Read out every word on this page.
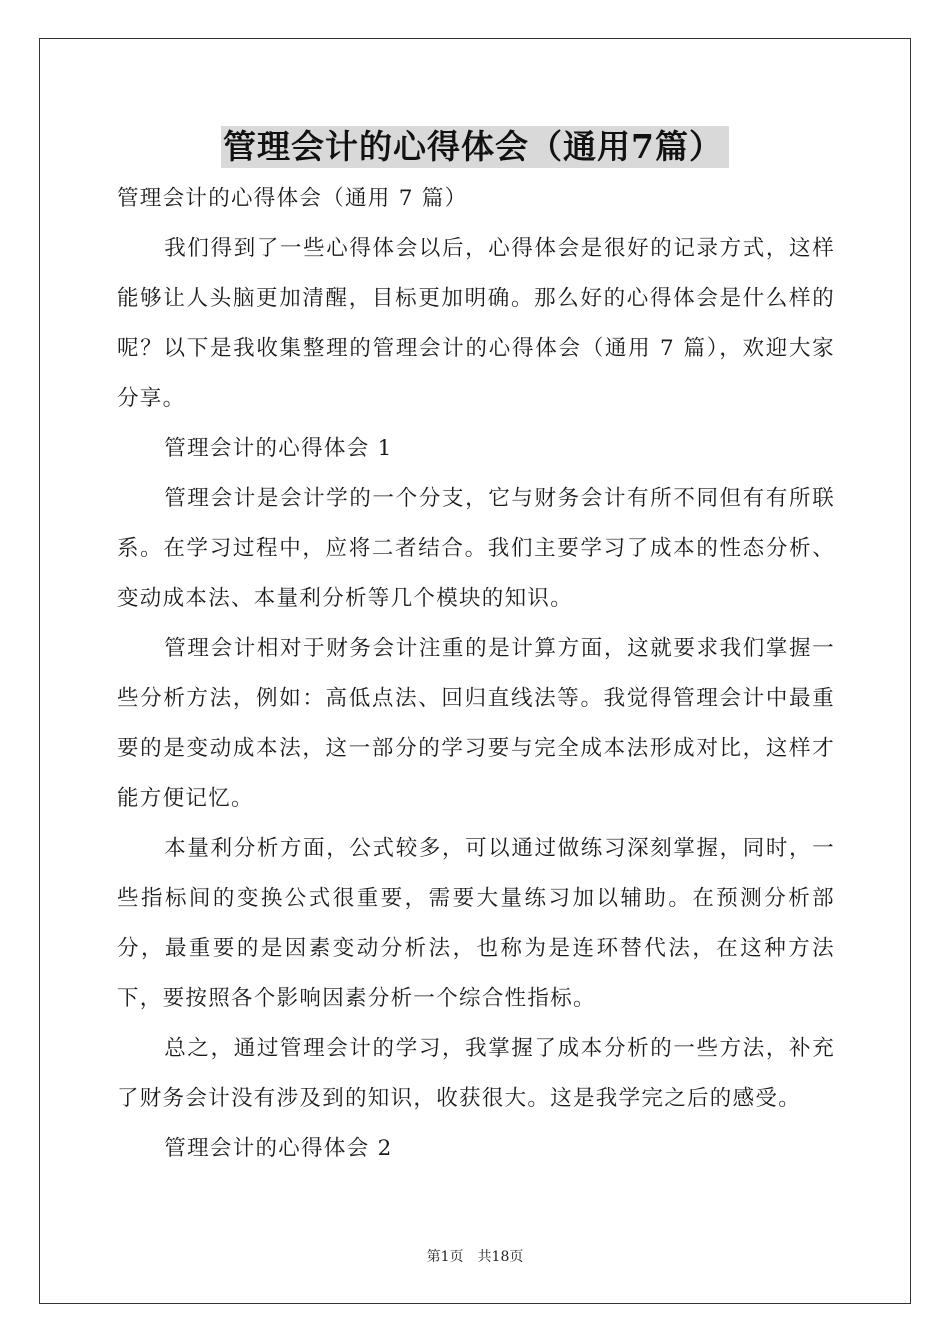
管理会计的心得体会（通用7篇）

管理会计的心得体会（通用 7 篇）

我们得到了一些心得体会以后，心得体会是很好的记录方式，这样能够让人头脑更加清醒，目标更加明确。那么好的心得体会是什么样的呢？以下是我收集整理的管理会计的心得体会（通用 7 篇），欢迎大家分享。

管理会计的心得体会 1

管理会计是会计学的一个分支，它与财务会计有所不同但有有所联系。在学习过程中，应将二者结合。我们主要学习了成本的性态分析、变动成本法、本量利分析等几个模块的知识。

管理会计相对于财务会计注重的是计算方面，这就要求我们掌握一些分析方法，例如：高低点法、回归直线法等。我觉得管理会计中最重要的是变动成本法，这一部分的学习要与完全成本法形成对比，这样才能方便记忆。

本量利分析方面，公式较多，可以通过做练习深刻掌握，同时，一些指标间的变换公式很重要，需要大量练习加以辅助。在预测分析部分，最重要的是因素变动分析法，也称为是连环替代法，在这种方法下，要按照各个影响因素分析一个综合性指标。

总之，通过管理会计的学习，我掌握了成本分析的一些方法，补充了财务会计没有涉及到的知识，收获很大。这是我学完之后的感受。

管理会计的心得体会 2

第1页 共18页
